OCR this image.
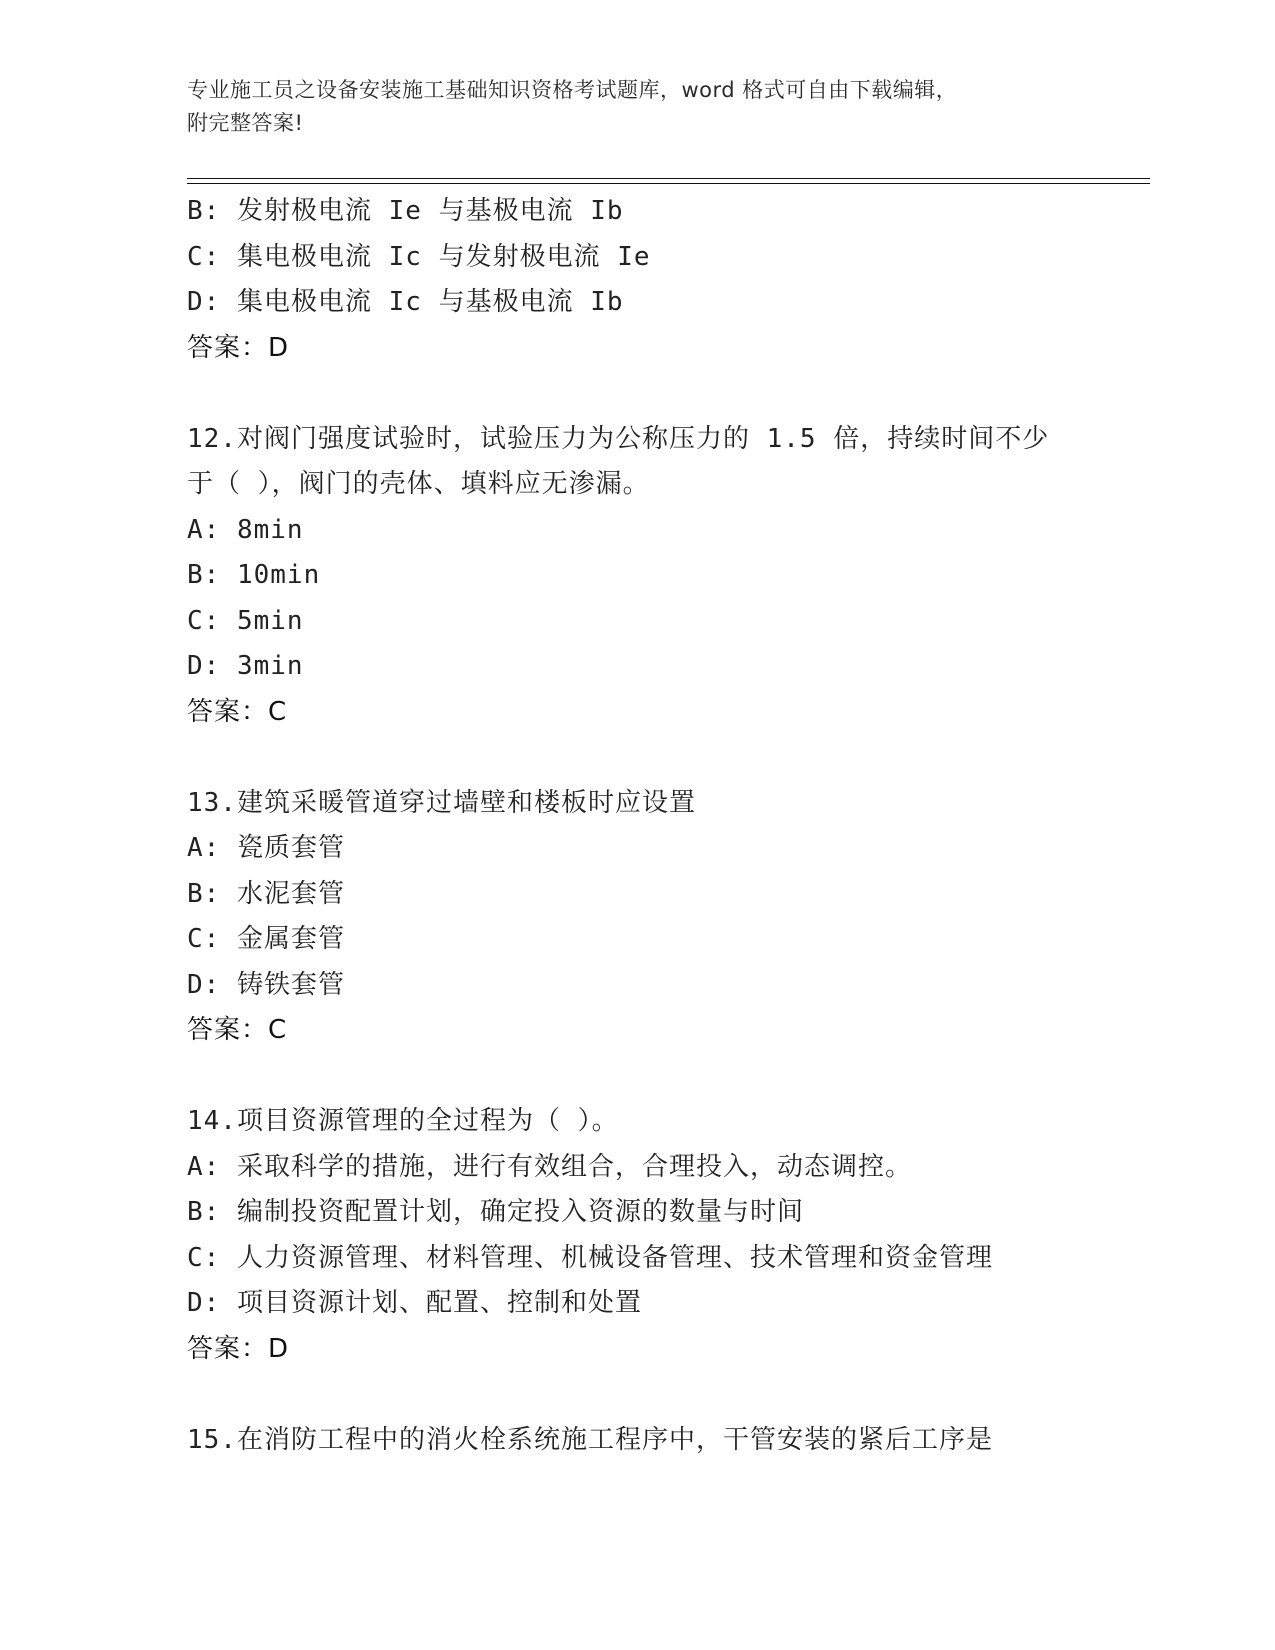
专业施工员之设备安装施工基础知识资格考试题库，word 格式可自由下载编辑，
附完整答案!
B: 发射极电流 Ie 与基极电流 Ib
C: 集电极电流 Ic 与发射极电流 Ie
D: 集电极电流 Ic 与基极电流 Ib
答案：D
12.对阀门强度试验时，试验压力为公称压力的 1.5 倍，持续时间不少
于（ ），阀门的壳体、填料应无渗漏。
A: 8min
B: 10min
C: 5min
D: 3min
答案：C
13.建筑采暖管道穿过墙壁和楼板时应设置
A: 瓷质套管
B: 水泥套管
C: 金属套管
D: 铸铁套管
答案：C
14.项目资源管理的全过程为（ ）。
A: 采取科学的措施，进行有效组合，合理投入，动态调控。
B: 编制投资配置计划，确定投入资源的数量与时间
C: 人力资源管理、材料管理、机械设备管理、技术管理和资金管理
D: 项目资源计划、配置、控制和处置
答案：D
15.在消防工程中的消火栓系统施工程序中，干管安装的紧后工序是
